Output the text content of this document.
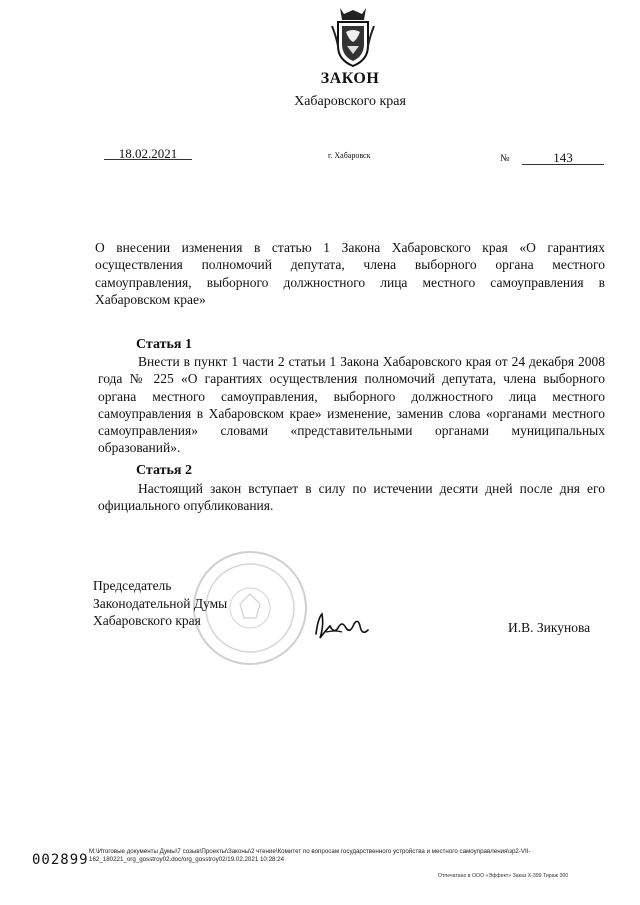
ЗАКОН
Хабаровского края
18.02.2021	г. Хабаровск	№	143
О внесении изменения в статью 1 Закона Хабаровского края «О гарантиях осуществления полномочий депутата, члена выборного органа местного самоуправления, выборного должностного лица местного самоуправления в Хабаровском крае»
Статья 1
Внести в пункт 1 части 2 статьи 1 Закона Хабаровского края от 24 декабря 2008 года № 225 «О гарантиях осуществления полномочий депутата, члена выборного органа местного самоуправления, выборного должностного лица местного самоуправления в Хабаровском крае» изменение, заменив слова «органами местного самоуправления» словами «представительными органами муниципальных образований».
Статья 2
Настоящий закон вступает в силу по истечении десяти дней после дня его официального опубликования.
Председатель
Законодательной Думы
Хабаровского края	И.В. Зикунова
002899
M:\Итоговые документы Думы\7 созыв\Проекты\Законы\2 чтение\Комитет по вопросам государственного устройства и местного самоуправления\зр2-VII-
162_180221_org_gosstroy02.doc/org_gosstroy02/19.02.2021 10:28:24
Отпечатано в ООО «Эффект» Заказ Х-399 Тираж 300
